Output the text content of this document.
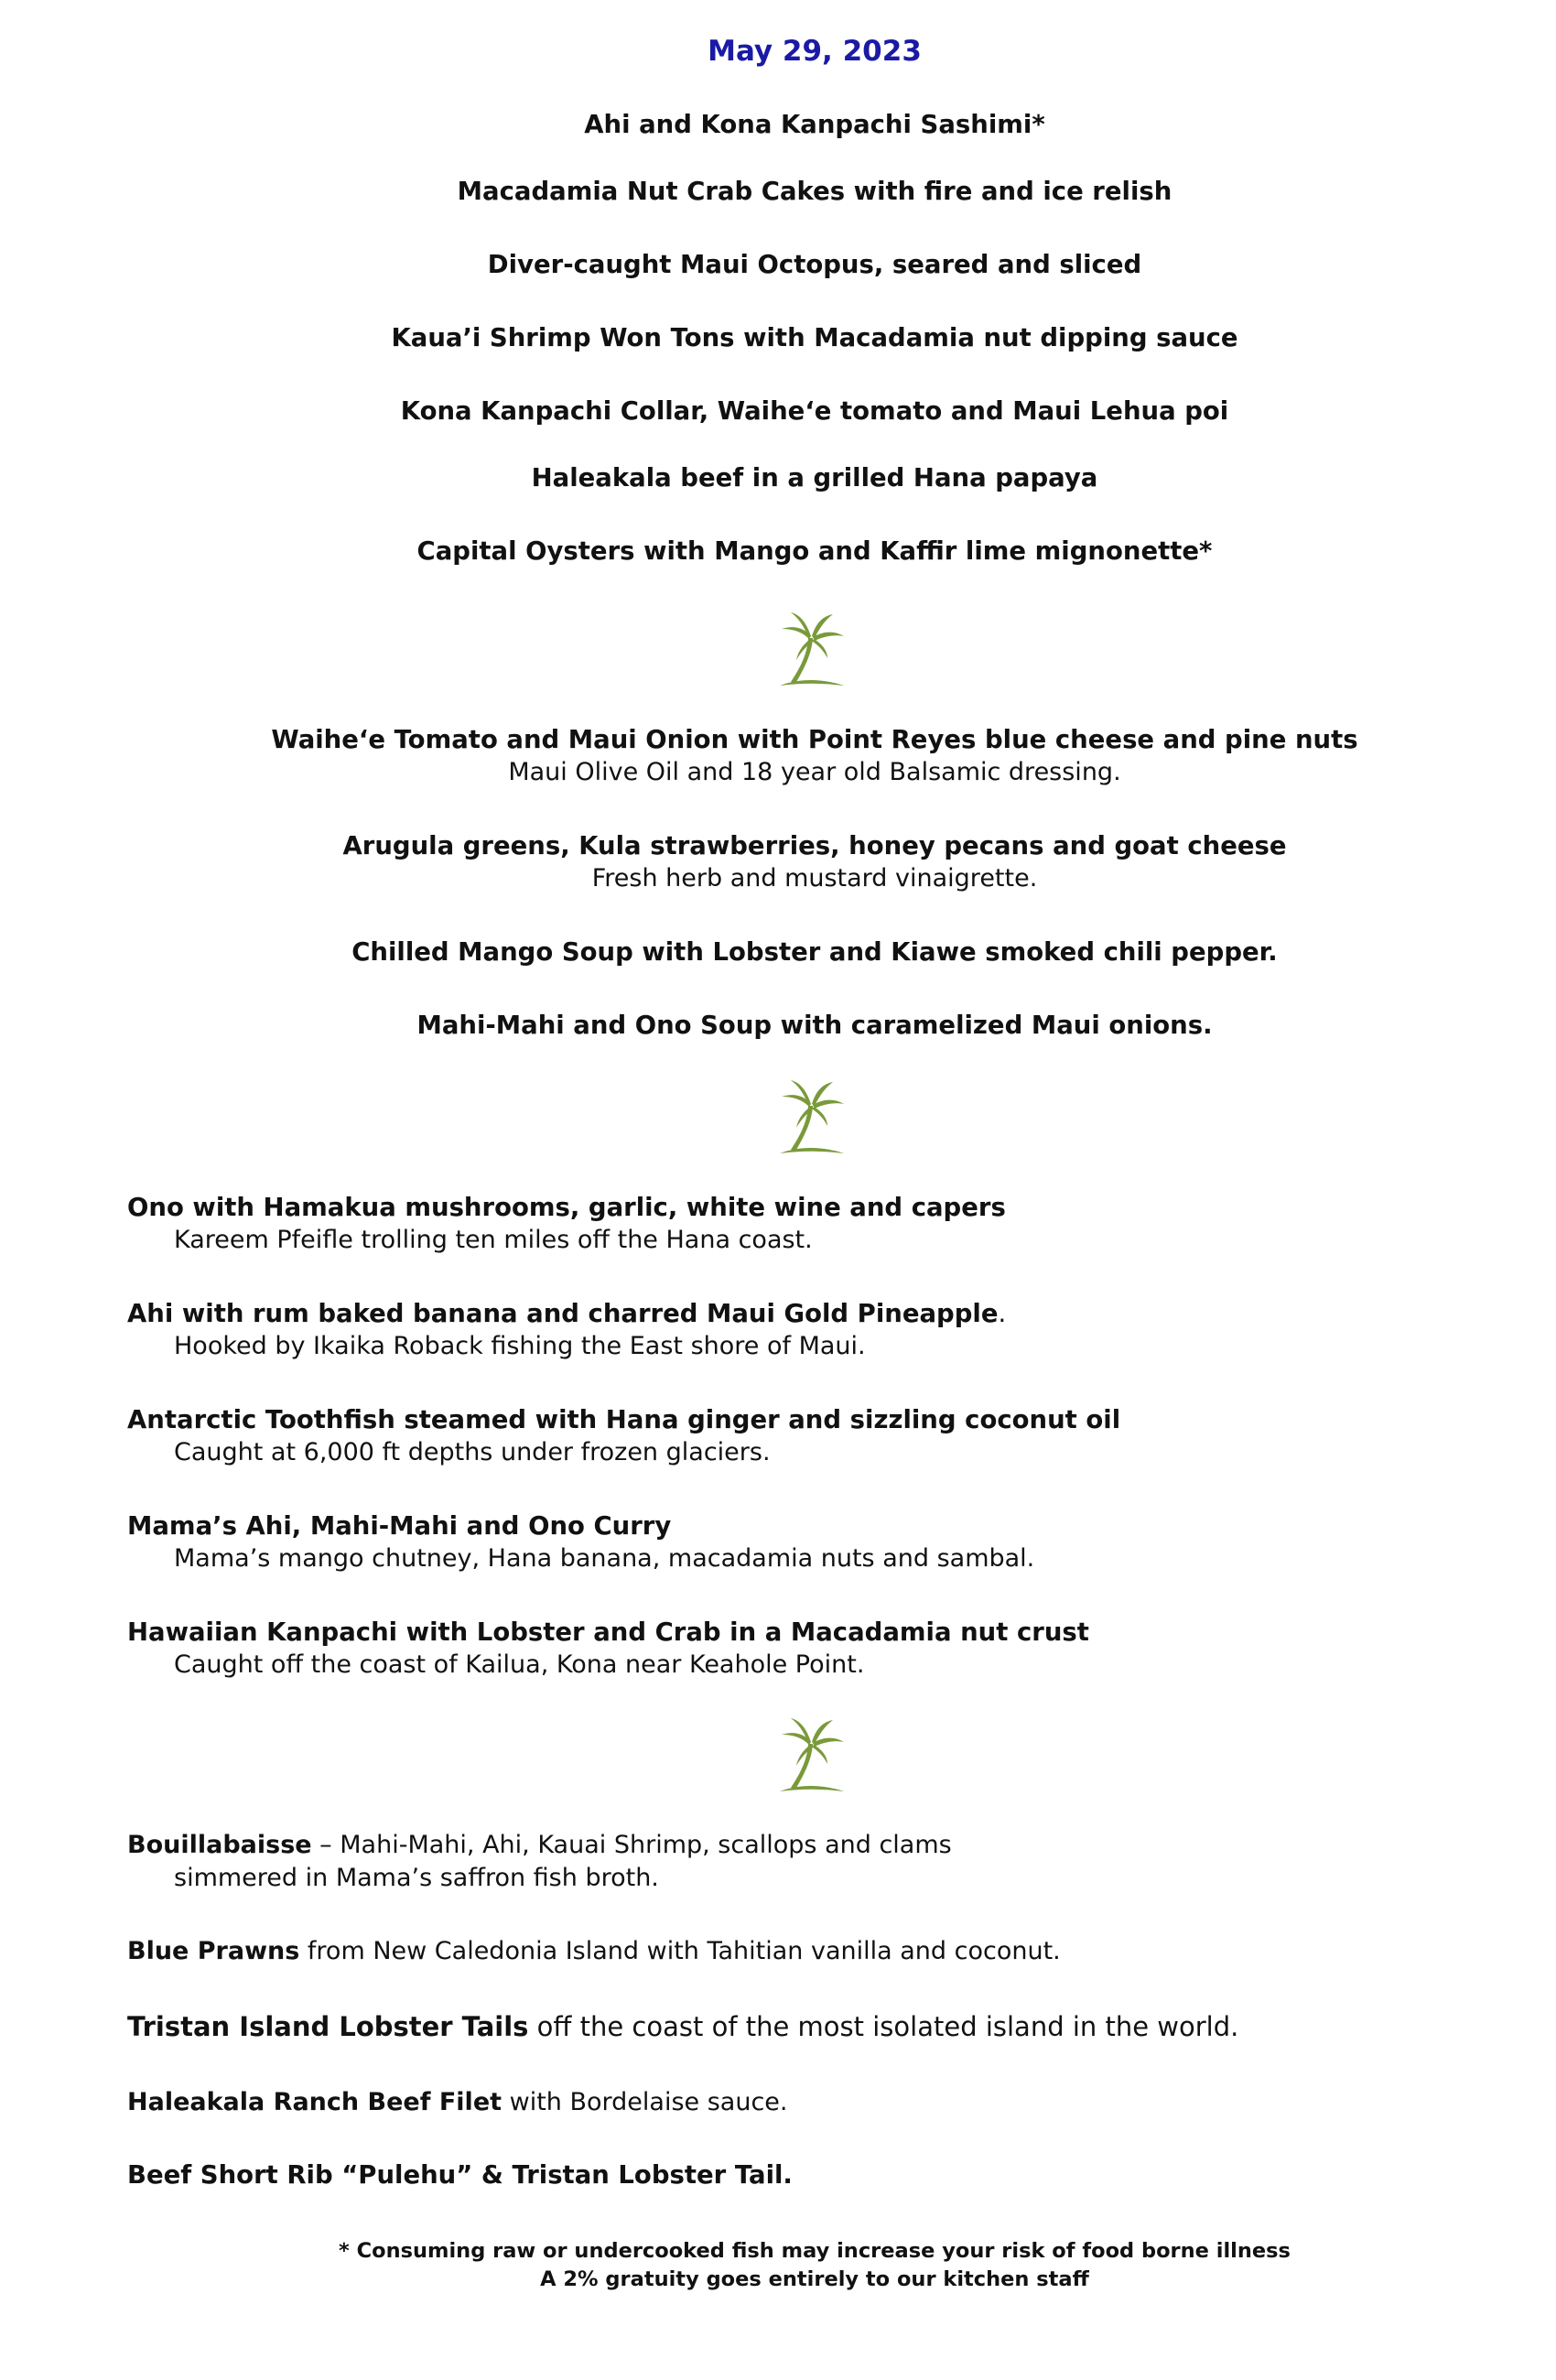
May 29, 2023
Ahi and Kona Kanpachi Sashimi*
Macadamia Nut Crab Cakes with fire and ice relish
Diver-caught Maui Octopus, seared and sliced
Kaua’i Shrimp Won Tons with Macadamia nut dipping sauce
Kona Kanpachi Collar, Waihe‘e tomato and Maui Lehua poi
Haleakala beef in a grilled Hana papaya
Capital Oysters with Mango and Kaffir lime mignonette*
Waihe‘e Tomato and Maui Onion with Point Reyes blue cheese and pine nuts
Maui Olive Oil and 18 year old Balsamic dressing.
Arugula greens, Kula strawberries, honey pecans and goat cheese
Fresh herb and mustard vinaigrette.
Chilled Mango Soup with Lobster and Kiawe smoked chili pepper.
Mahi-Mahi and Ono Soup with caramelized Maui onions.
Ono with Hamakua mushrooms, garlic, white wine and capers
Kareem Pfeifle trolling ten miles off the Hana coast.
Ahi with rum baked banana and charred Maui Gold Pineapple.
Hooked by Ikaika Roback fishing the East shore of Maui.
Antarctic Toothfish steamed with Hana ginger and sizzling coconut oil
Caught at 6,000 ft depths under frozen glaciers.
Mama’s Ahi, Mahi-Mahi and Ono Curry
Mama’s mango chutney, Hana banana, macadamia nuts and sambal.
Hawaiian Kanpachi with Lobster and Crab in a Macadamia nut crust
Caught off the coast of Kailua, Kona near Keahole Point.
Bouillabaisse – Mahi-Mahi, Ahi, Kauai Shrimp, scallops and clams
simmered in Mama’s saffron fish broth.
Blue Prawns from New Caledonia Island with Tahitian vanilla and coconut.
Tristan Island Lobster Tails off the coast of the most isolated island in the world.
Haleakala Ranch Beef Filet with Bordelaise sauce.
Beef Short Rib “Pulehu” & Tristan Lobster Tail.
* Consuming raw or undercooked fish may increase your risk of food borne illness
A 2% gratuity goes entirely to our kitchen staff
